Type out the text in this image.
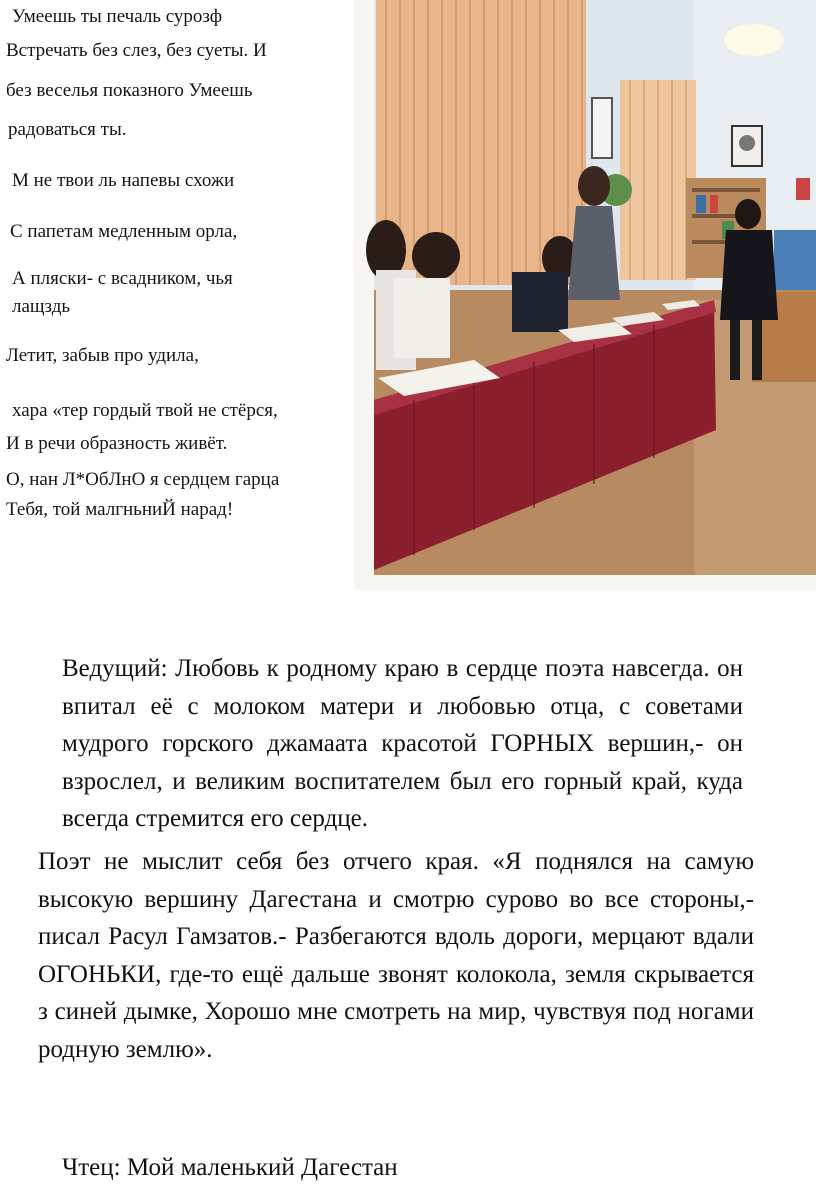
Умеешь ты печаль сурозф
Встречать без слез, без суеты. И
без веселья показного Умеешь
радоваться ты.
М не твои ль напевы схожи
С папетам медленным орла,
А пляски- с всадником, чья
лащздь
Летит, забыв про удила,
хара «тер гордый твой не стёрся,
И в речи образность живёт.
О, нан Л*ОбЛнО я сердцем гарца
Тебя, той малгньниЙ нарад!
Ведущий: Любовь к родному краю в сердце поэта навсегда. он впитал её с молоком матери и любовью отца, с советами мудрого горского джамаата красотой ГОРНЫХ вершин,- он взрослел, и великим воспитателем был его горный край, куда всегда стремится его сердце.
Поэт не мыслит себя без отчего края. «Я поднялся на самую высокую вершину Дагестана и смотрю сурово во все стороны,- писал Расул Гамзатов.- Разбегаются вдоль дороги, мерцают вдали ОГОНЬКИ, где-то ещё дальше звонят колокола, земля скрывается з синей дымке, Хорошо мне смотреть на мир, чувствуя под ногами родную землю».
Чтец: Мой маленький Дагестан
